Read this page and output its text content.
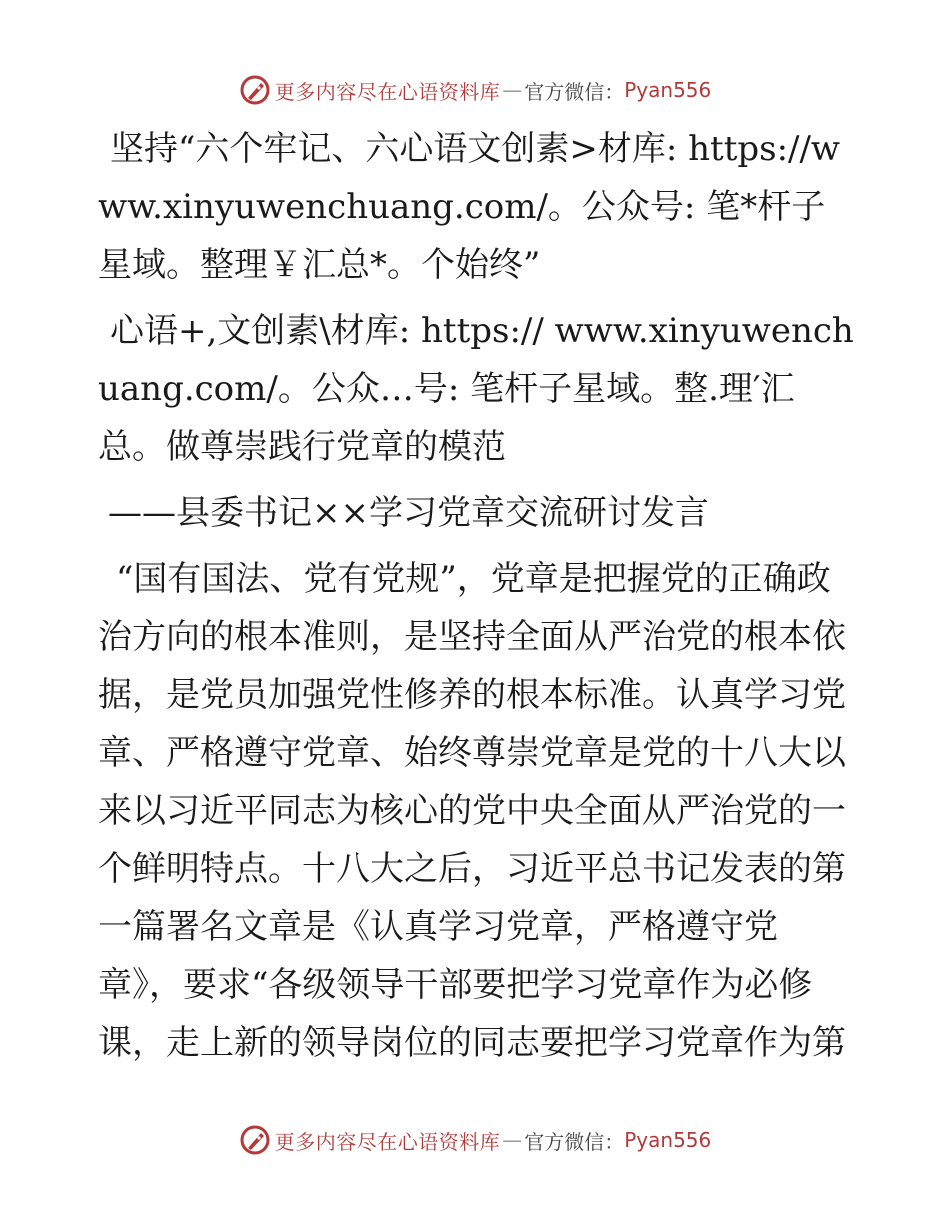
更多内容尽在心语资料库 — 官方微信： Pyan556

坚持“六个牢记、六心语文创素>材库: https://www.xinyuwenchuang.com/。公众号: 笔*杆子星域。整理￥汇总*。个始终”

心语+,文创素\材库: https:// www.xinyuwenchuang.com/。公众…号: 笔杆子星域。整.理′汇总。做尊崇践行党章的模范

——县委书记××学习党章交流研讨发言

“国有国法、党有党规”，党章是把握党的正确政治方向的根本准则，是坚持全面从严治党的根本依据，是党员加强党性修养的根本标准。认真学习党章、严格遵守党章、始终尊崇党章是党的十八大以来以习近平同志为核心的党中央全面从严治党的一个鲜明特点。十八大之后，习近平总书记发表的第一篇署名文章是《认真学习党章，严格遵守党章》，要求“各级领导干部要把学习党章作为必修课，走上新的领导岗位的同志要把学习党章作为第

更多内容尽在心语资料库 — 官方微信： Pyan556
